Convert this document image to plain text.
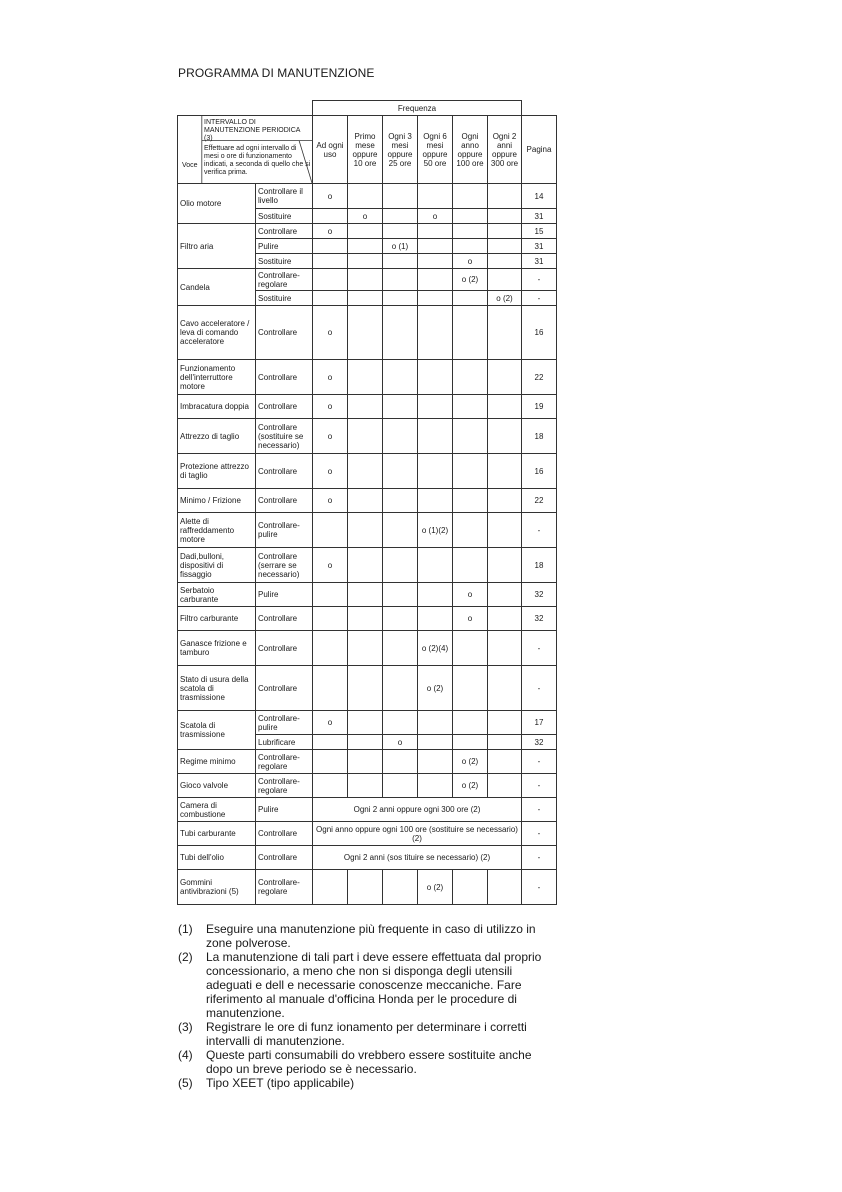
PROGRAMMA DI MANUTENZIONE
		Frequenza						

INTERVALLO DI MANUTENZIONE PERIODICA (3)
Effettuare ad ogni intervallo di mesi o ore di funzionamento indicati, a seconda di quello che si verifica prima.
Voce		Ad ogni uso	Primo mese oppure 10 ore	Ogni 3 mesi oppure 25 ore	Ogni 6 mesi oppure 50 ore	Ogni anno oppure 100 ore	Ogni 2 anni oppure 300 ore	Pagina
Olio motore	Controllare il livello	o						14
	Sostituire		o		o			31
Filtro aria	Controllare	o						15
	Pulire			o (1)				31
	Sostituire					o		31
Candela	Controllare-regolare					o (2)		-
	Sostituire						o (2)	-
Cavo acceleratore / leva di comando acceleratore	Controllare	o						16
Funzionamento dell'interruttore motore	Controllare	o						22
Imbracatura doppia	Controllare	o						19
Attrezzo di taglio	Controllare (sostituire se necessario)	o						18
Protezione attrezzo di taglio	Controllare	o						16
Minimo / Frizione	Controllare	o						22
Alette di raffreddamento motore	Controllare-pulire				o (1)(2)			-
Dadi,bulloni, dispositivi di fissaggio	Controllare (serrare se necessario)	o						18
Serbatoio carburante	Pulire					o		32
Filtro carburante	Controllare					o		32
Ganasce frizione e tamburo	Controllare				o (2)(4)			-
Stato di usura della scatola di trasmissione	Controllare				o (2)			-
Scatola di trasmissione	Controllare-pulire	o						17
	Lubrificare			o				32
Regime minimo	Controllare-regolare					o (2)		-
Gioco valvole	Controllare-regolare					o (2)		-
Camera di combustione	Pulire	Ogni 2 anni oppure ogni 300 ore (2)						-
Tubi carburante	Controllare	Ogni anno oppure ogni 100 ore (sostituire se necessario) (2)						-
Tubi dell'olio	Controllare	Ogni 2 anni (sos tituire se necessario) (2)						-
Gommini antivibrazioni (5)	Controllare-regolare				o (2)			-
(1)	Eseguire una manutenzione più frequente in caso di utilizzo in zone polverose.
(2)	La manutenzione di tali part i deve essere effettuata dal proprio concessionario, a meno che non si disponga degli utensili adeguati e dell e necessarie conoscenze meccaniche. Fare riferimento al manuale d'officina Honda per le procedure di manutenzione.
(3)	Registrare le ore di funz ionamento per determinare i corretti intervalli di manutenzione.
(4)	Queste parti consumabili do vrebbero essere sostituite anche dopo un breve periodo se è necessario.
(5)	Tipo XEET (tipo applicabile)
